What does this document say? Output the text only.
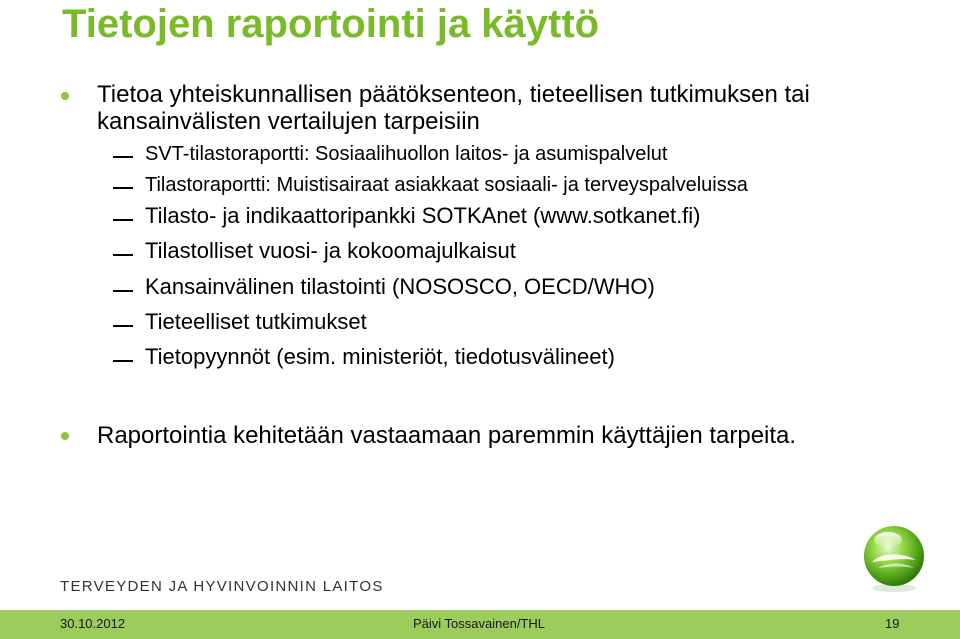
Tietojen raportointi ja käyttö
Tietoa yhteiskunnallisen päätöksenteon, tieteellisen tutkimuksen tai
kansainvälisten vertailujen tarpeisiin
SVT-tilastoraportti: Sosiaalihuollon laitos- ja asumispalvelut
Tilastoraportti: Muistisairaat asiakkaat sosiaali- ja terveyspalveluissa
Tilasto- ja indikaattoripankki SOTKAnet (www.sotkanet.fi)
Tilastolliset vuosi- ja kokoomajulkaisut
Kansainvälinen tilastointi (NOSOSCO, OECD/WHO)
Tieteelliset tutkimukset
Tietopyynnöt (esim. ministeriöt, tiedotusvälineet)
Raportointia kehitetään vastaamaan paremmin käyttäjien tarpeita.
TERVEYDEN JA HYVINVOINNIN LAITOS
30.10.2012	Päivi Tossavainen/THL	19
